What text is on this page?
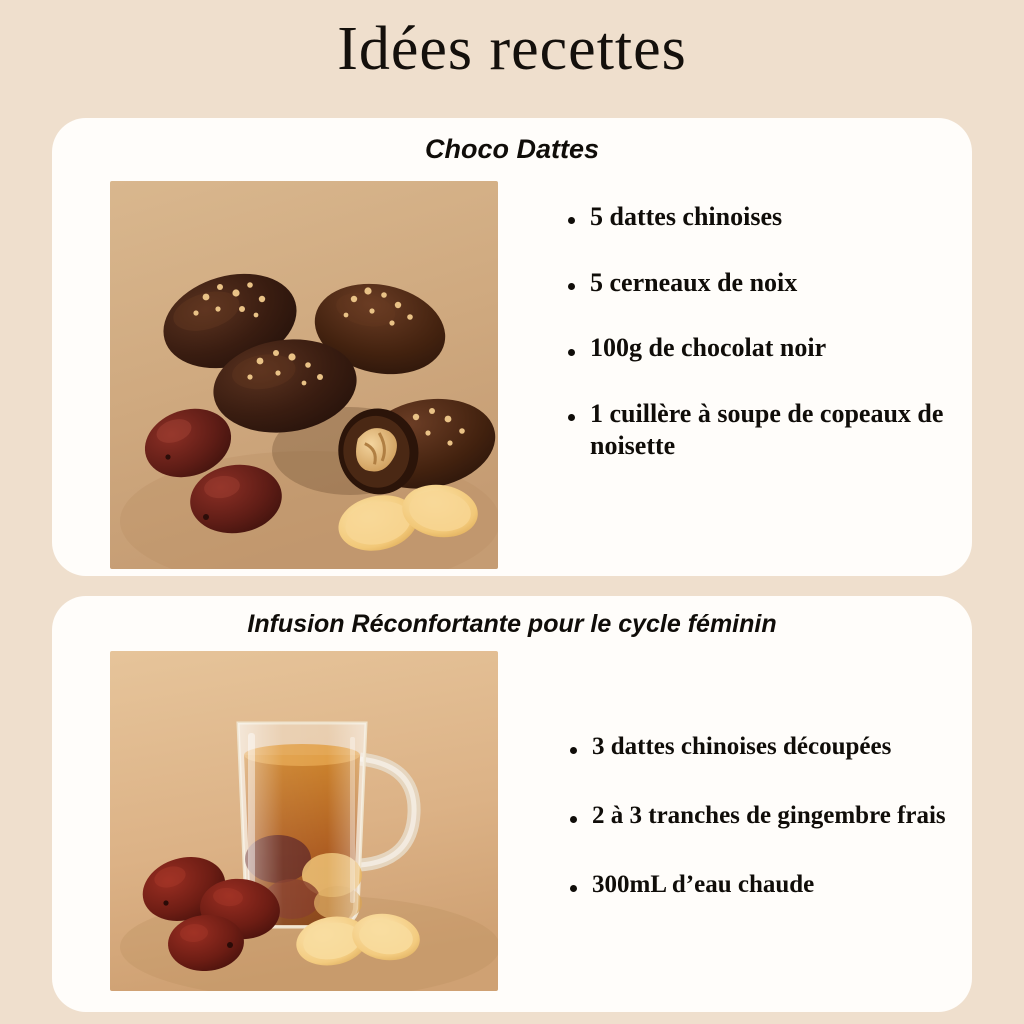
Idées recettes
Choco Dattes
5 dattes chinoises
5 cerneaux de noix
100g de chocolat noir
1 cuillère à soupe de copeaux de noisette
Infusion Réconfortante pour le cycle féminin
3 dattes chinoises découpées
2 à 3 tranches de gingembre frais
300mL d’eau chaude
